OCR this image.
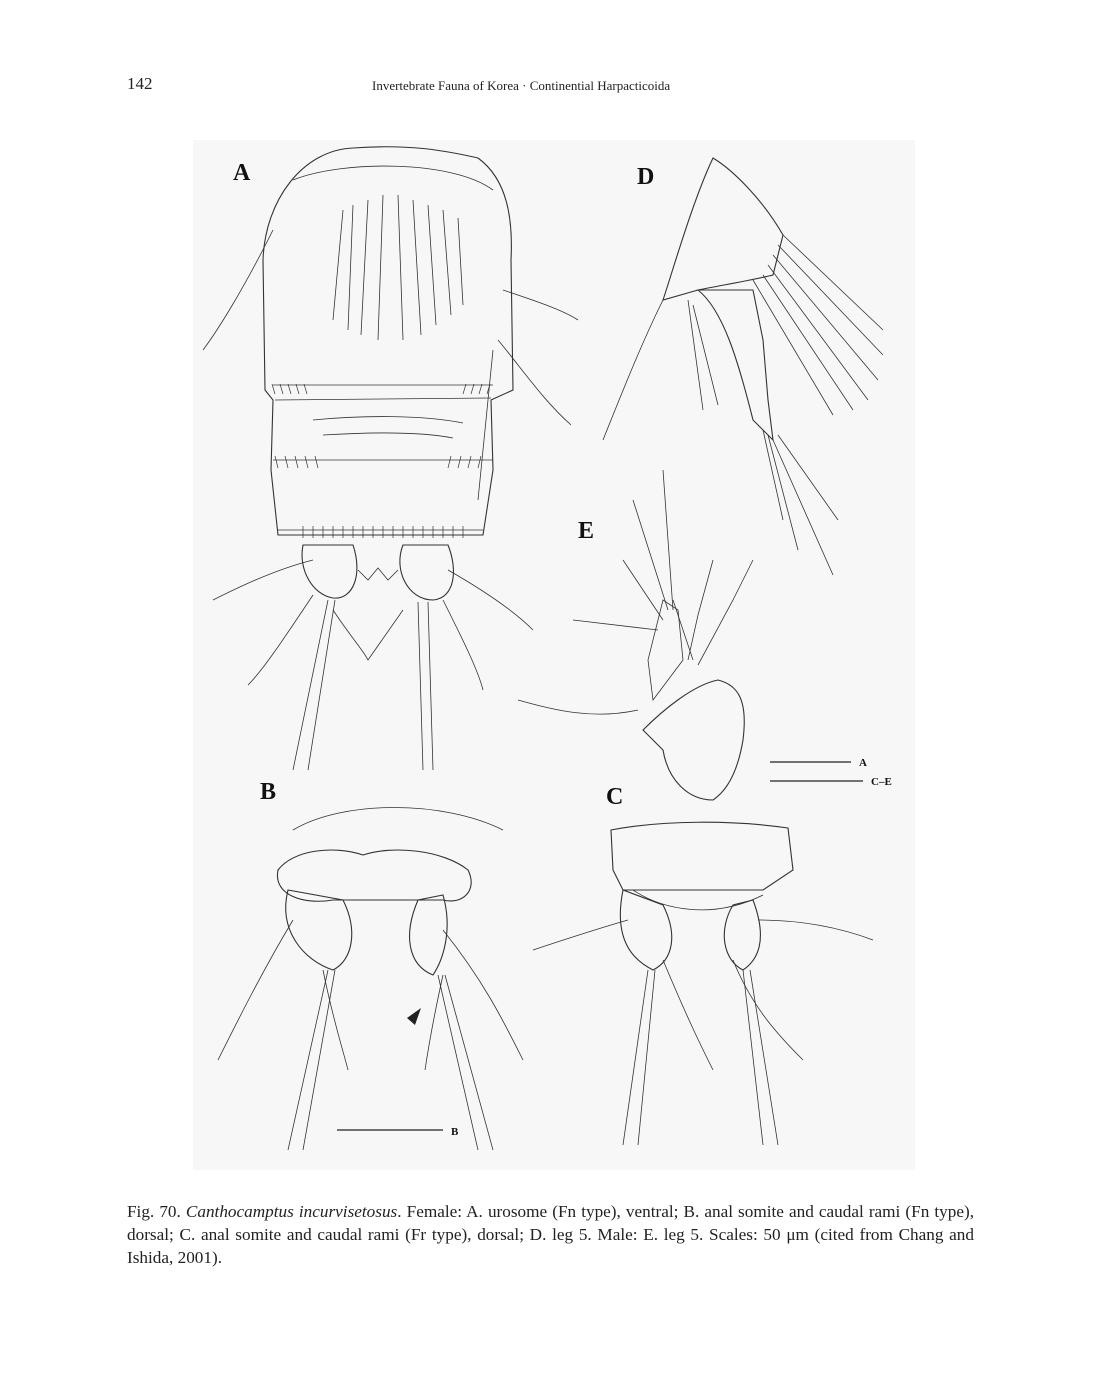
142	Invertebrate Fauna of Korea · Continential Harpacticoida
A	D
E
B	C
A
C–E
B
Fig. 70. Canthocamptus incurvisetosus. Female: A. urosome (Fn type), ventral; B. anal somite and caudal rami (Fn type), dorsal; C. anal somite and caudal rami (Fr type), dorsal; D. leg 5. Male: E. leg 5. Scales: 50 μm (cited from Chang and Ishida, 2001).
